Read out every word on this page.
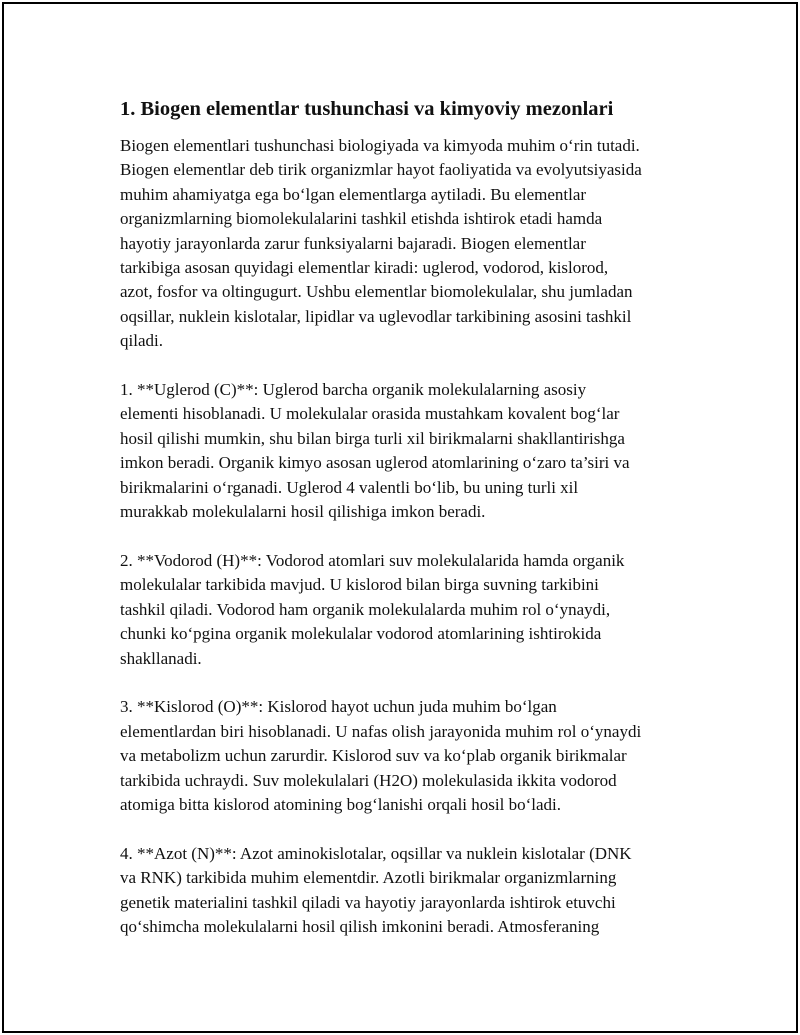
1. Biogen elementlar tushunchasi va kimyoviy mezonlari

Biogen elementlari tushunchasi biologiyada va kimyoda muhim o‘rin tutadi.
Biogen elementlar deb tirik organizmlar hayot faoliyatida va evolyutsiyasida
muhim ahamiyatga ega bo‘lgan elementlarga aytiladi. Bu elementlar
organizmlarning biomolekulalarini tashkil etishda ishtirok etadi hamda
hayotiy jarayonlarda zarur funksiyalarni bajaradi. Biogen elementlar
tarkibiga asosan quyidagi elementlar kiradi: uglerod, vodorod, kislorod,
azot, fosfor va oltingugurt. Ushbu elementlar biomolekulalar, shu jumladan
oqsillar, nuklein kislotalar, lipidlar va uglevodlar tarkibining asosini tashkil
qiladi.

1. **Uglerod (C)**: Uglerod barcha organik molekulalarning asosiy
elementi hisoblanadi. U molekulalar orasida mustahkam kovalent bog‘lar
hosil qilishi mumkin, shu bilan birga turli xil birikmalarni shakllantirishga
imkon beradi. Organik kimyo asosan uglerod atomlarining o‘zaro ta’siri va
birikmalarini o‘rganadi. Uglerod 4 valentli bo‘lib, bu uning turli xil
murakkab molekulalarni hosil qilishiga imkon beradi.

2. **Vodorod (H)**: Vodorod atomlari suv molekulalarida hamda organik
molekulalar tarkibida mavjud. U kislorod bilan birga suvning tarkibini
tashkil qiladi. Vodorod ham organik molekulalarda muhim rol o‘ynaydi,
chunki ko‘pgina organik molekulalar vodorod atomlarining ishtirokida
shakllanadi.

3. **Kislorod (O)**: Kislorod hayot uchun juda muhim bo‘lgan
elementlardan biri hisoblanadi. U nafas olish jarayonida muhim rol o‘ynaydi
va metabolizm uchun zarurdir. Kislorod suv va ko‘plab organik birikmalar
tarkibida uchraydi. Suv molekulalari (H2O) molekulasida ikkita vodorod
atomiga bitta kislorod atomining bog‘lanishi orqali hosil bo‘ladi.

4. **Azot (N)**: Azot aminokislotalar, oqsillar va nuklein kislotalar (DNK
va RNK) tarkibida muhim elementdir. Azotli birikmalar organizmlarning
genetik materialini tashkil qiladi va hayotiy jarayonlarda ishtirok etuvchi
qo‘shimcha molekulalarni hosil qilish imkonini beradi. Atmosferaning
